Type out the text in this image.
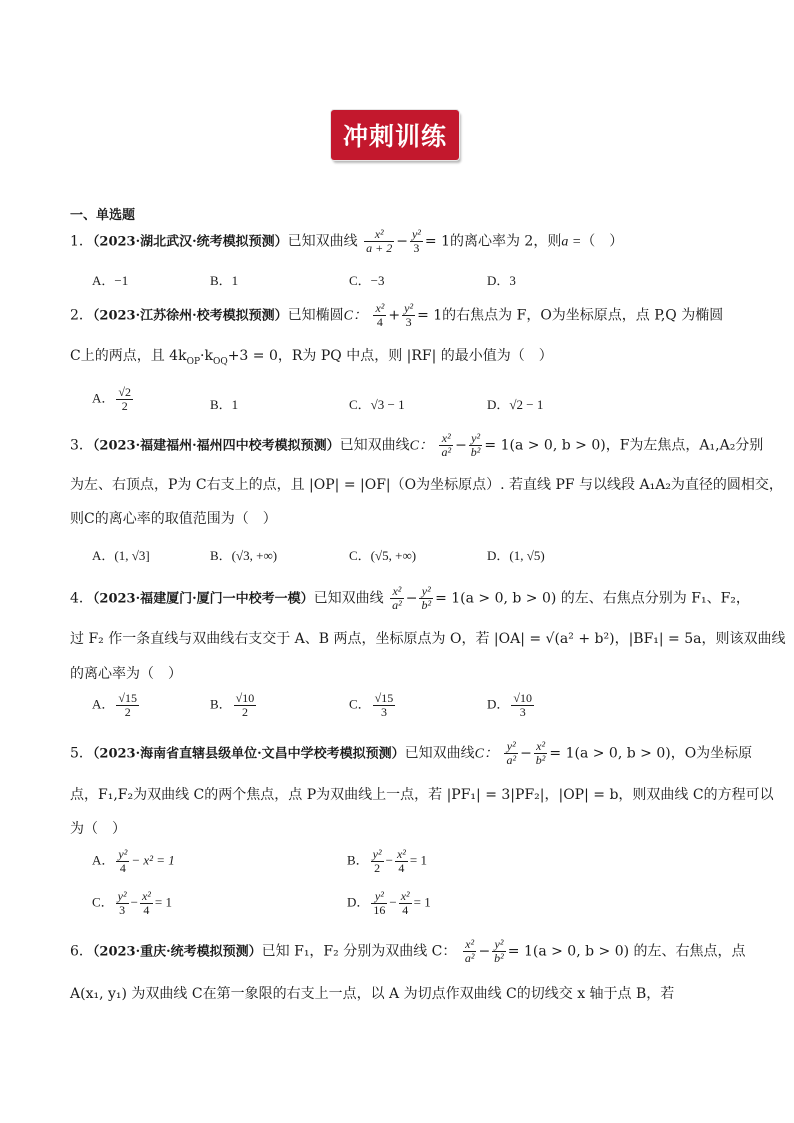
冲刺训练
一、单选题
1．（2023·湖北武汉·统考模拟预测）已知双曲线 $\frac{\text{x²}}{a + 2} - \frac{\text{y²}}{3} = 1$的离心率为 2，则a =（　）
A．−1	B．1	C．−3	D．3
2．（2023·江苏徐州·校考模拟预测）已知椭圆C： $\frac{\text{x²}}{4} + \frac{\text{y²}}{3} = 1$的右焦点为 F，O为坐标原点，点 P,Q 为椭圆
C上的两点，且 $4k_{OP}\cdot k_{OQ}+3 = 0$，R为 PQ 中点，则 |RF| 的最小值为（　）
A． $\frac{√2}{2}$	B．1	C．√3 − 1	D．√2 − 1
3．（2023·福建福州·福州四中校考模拟预测）已知双曲线C： $\frac{\text{x²}}{\text{a²}} - \frac{\text{y²}}{\text{b²}} = 1(a > 0$, b > 0)，F为左焦点，A₁,A₂分别
为左、右顶点，P为 C右支上的点，且 |OP| = |OF|（O为坐标原点）. 若直线 PF 与以线段 A₁A₂为直径的圆相交，
则C的离心率的取值范围为（　）
A．(1, √3]	B．(√3, +∞)	C．(√5, +∞)	D．(1, √5)
4．（2023·福建厦门·厦门一中校考一模）已知双曲线 $\frac{\text{x²}}{\text{a²}} - \frac{\text{y²}}{\text{b²}} = 1(a > 0$, b > 0) 的左、右焦点分别为 F₁、F₂，
过 F₂ 作一条直线与双曲线右支交于 A、B 两点，坐标原点为 O，若 |OA| = √(a² + b²)，|BF₁| = 5a，则该双曲线
的离心率为（　）
A． $\frac{√15}{2}$	B． $\frac{√10}{2}$	C． $\frac{√15}{3}$	D． $\frac{√10}{3}$
5．（2023·海南省直辖县级单位·文昌中学校考模拟预测）已知双曲线C： $\frac{\text{y²}}{\text{a²}} - \frac{\text{x²}}{\text{b²}} = 1(a > 0$, b > 0)，O为坐标原
点，F₁,F₂为双曲线 C的两个焦点，点 P为双曲线上一点，若 |PF₁| = 3|PF₂|，|OP| = b，则双曲线 C的方程可以
为（　）
A． $\frac{\text{y²}}{4} - x^2 = 1$	B． $\frac{\text{y²}}{2} - \frac{\text{x²}}{4} = 1$
C． $\frac{\text{y²}}{3} - \frac{\text{x²}}{4} = 1$	D． $\frac{\text{y²}}{16} - \frac{\text{x²}}{4} = 1$
6．（2023·重庆·统考模拟预测）已知 F₁，F₂ 分别为双曲线 C： $\frac{\text{x²}}{\text{a²}} - \frac{\text{y²}}{\text{b²}} = 1(a > 0$, b > 0) 的左、右焦点，点
A(x₁, y₁) 为双曲线 C在第一象限的右支上一点，以 A 为切点作双曲线 C的切线交 x 轴于点 B，若
